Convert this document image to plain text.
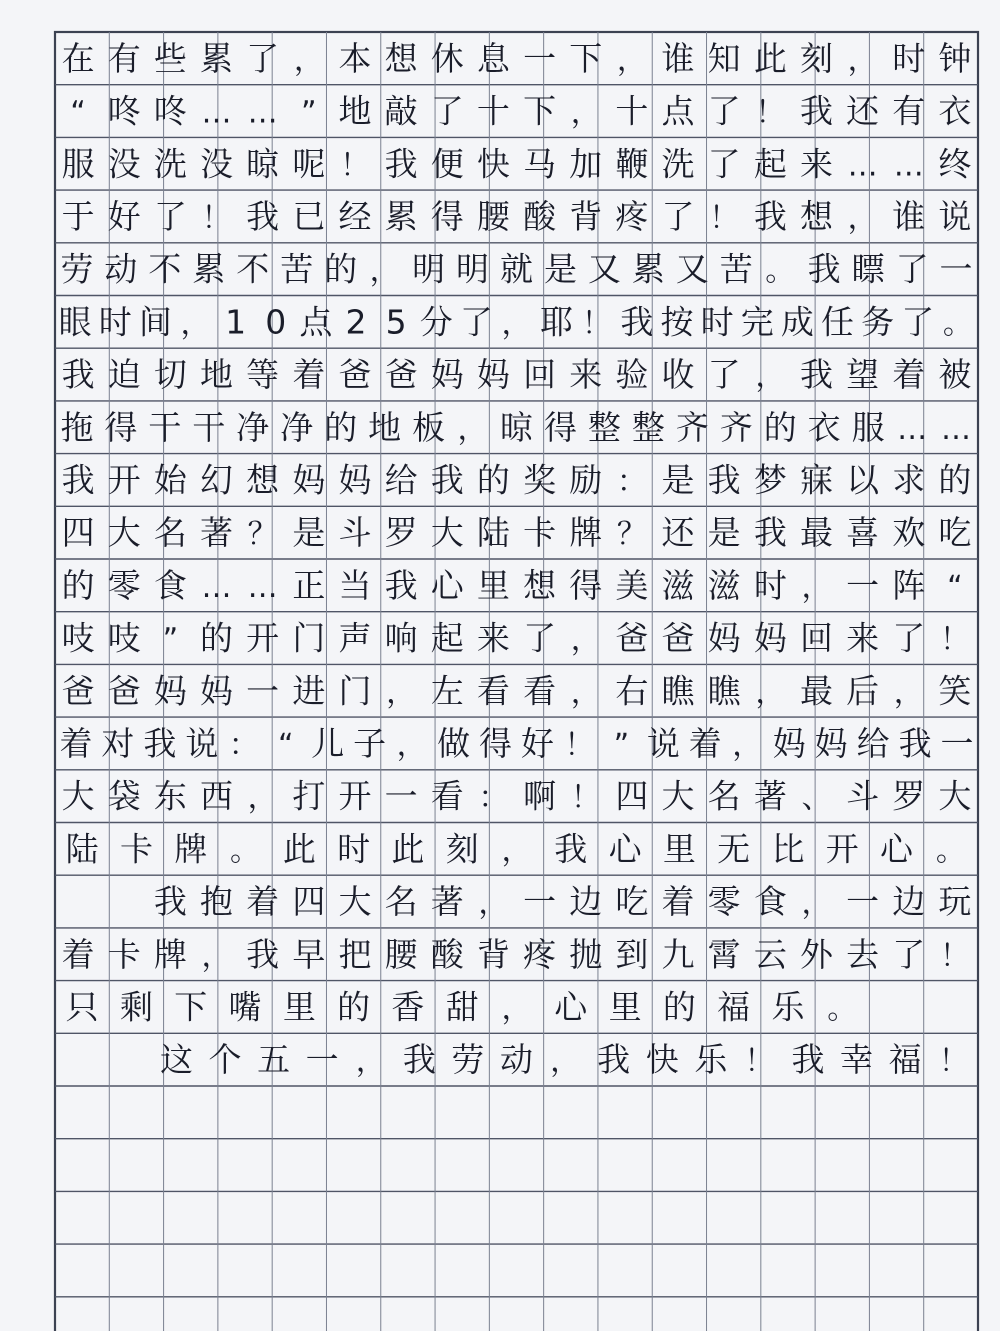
在 有 些 累 了 ， 本 想 休 息 一 下 ， 谁 知 此 刻 ， 时 钟
“ 咚 咚 … … ” 地 敲 了 十 下 ， 十 点 了 ！ 我 还 有 衣
服 没 洗 没 晾 呢 ！ 我 便 快 马 加 鞭 洗 了 起 来 … … 终
于 好 了 ！ 我 已 经 累 得 腰 酸 背 疼 了 ！ 我 想 ， 谁 说
劳 动 不 累 不 苦 的 ， 明 明 就 是 又 累 又 苦 。 我 瞟 了 一
眼 时 间 ， 1 0 点 2 5 分 了 ， 耶 ！ 我 按 时 完 成 任 务 了 。
我 迫 切 地 等 着 爸 爸 妈 妈 回 来 验 收 了 ， 我 望 着 被
拖 得 干 干 净 净 的 地 板 ， 晾 得 整 整 齐 齐 的 衣 服 … …
我 开 始 幻 想 妈 妈 给 我 的 奖 励 ： 是 我 梦 寐 以 求 的
四 大 名 著 ？ 是 斗 罗 大 陆 卡 牌 ？ 还 是 我 最 喜 欢 吃
的 零 食 … … 正 当 我 心 里 想 得 美 滋 滋 时 ， 一 阵 “
吱 吱 ” 的 开 门 声 响 起 来 了 ， 爸 爸 妈 妈 回 来 了 ！
爸 爸 妈 妈 一 进 门 ， 左 看 看 ， 右 瞧 瞧 ， 最 后 ， 笑
着 对 我 说 ： “ 儿 子 ， 做 得 好 ！ ” 说 着 ， 妈 妈 给 我 一
大 袋 东 西 ， 打 开 一 看 ： 啊 ！ 四 大 名 著 、 斗 罗 大
陆 卡 牌 。 此 时 此 刻 ， 我 心 里 无 比 开 心 。
我 抱 着 四 大 名 著 ， 一 边 吃 着 零 食 ， 一 边 玩
着 卡 牌 ， 我 早 把 腰 酸 背 疼 抛 到 九 霄 云 外 去 了 ！
只 剩 下 嘴 里 的 香 甜 ， 心 里 的 福 乐 。
这 个 五 一 ， 我 劳 动 ， 我 快 乐 ！ 我 幸 福 ！
